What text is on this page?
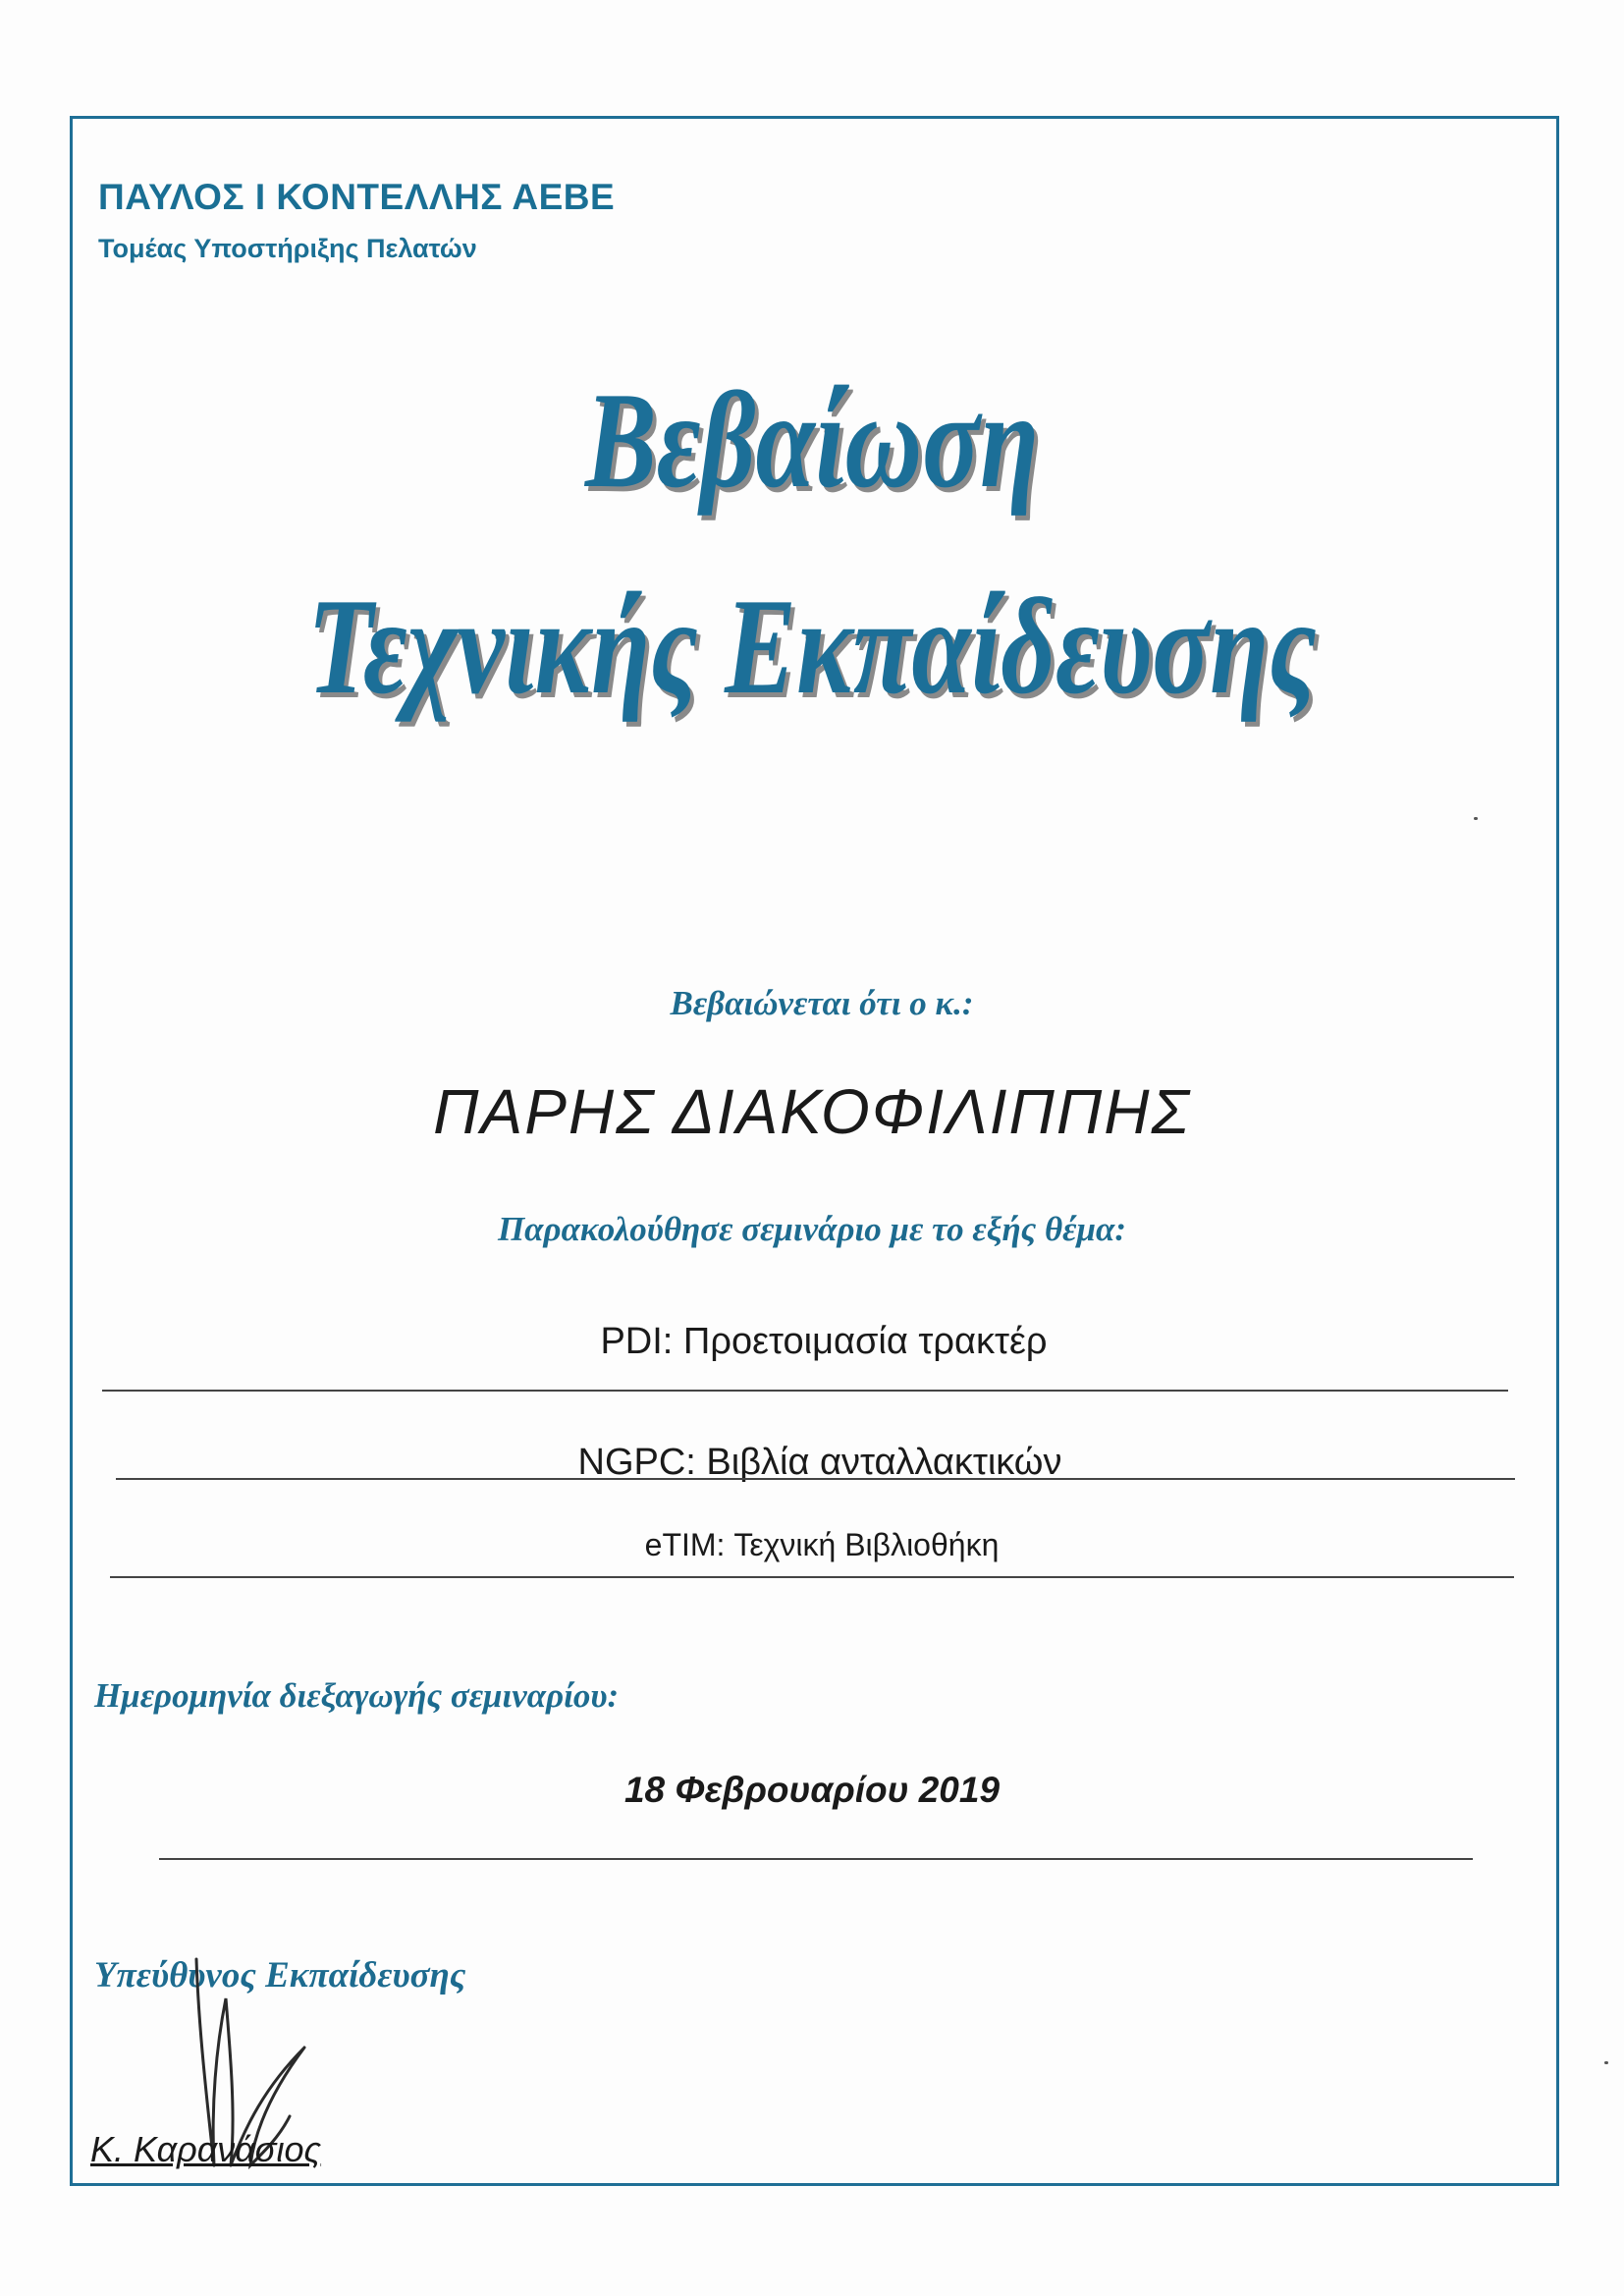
ΠΑΥΛΟΣ Ι ΚΟΝΤΕΛΛΗΣ ΑΕΒΕ
Τομέας Υποστήριξης Πελατών
Βεβαίωση
Τεχνικής Εκπαίδευσης
Βεβαιώνεται ότι ο κ.:
ΠΑΡΗΣ ΔΙΑΚΟΦΙΛΙΠΠΗΣ
Παρακολούθησε σεμινάριο με το εξής θέμα:
PDI: Προετοιμασία τρακτέρ
NGPC: Βιβλία ανταλλακτικών
eTIM: Τεχνική Βιβλιοθήκη
Ημερομηνία διεξαγωγής σεμιναρίου:
18 Φεβρουαρίου 2019
Υπεύθυνος Εκπαίδευσης
Κ. Καρανάσιος
